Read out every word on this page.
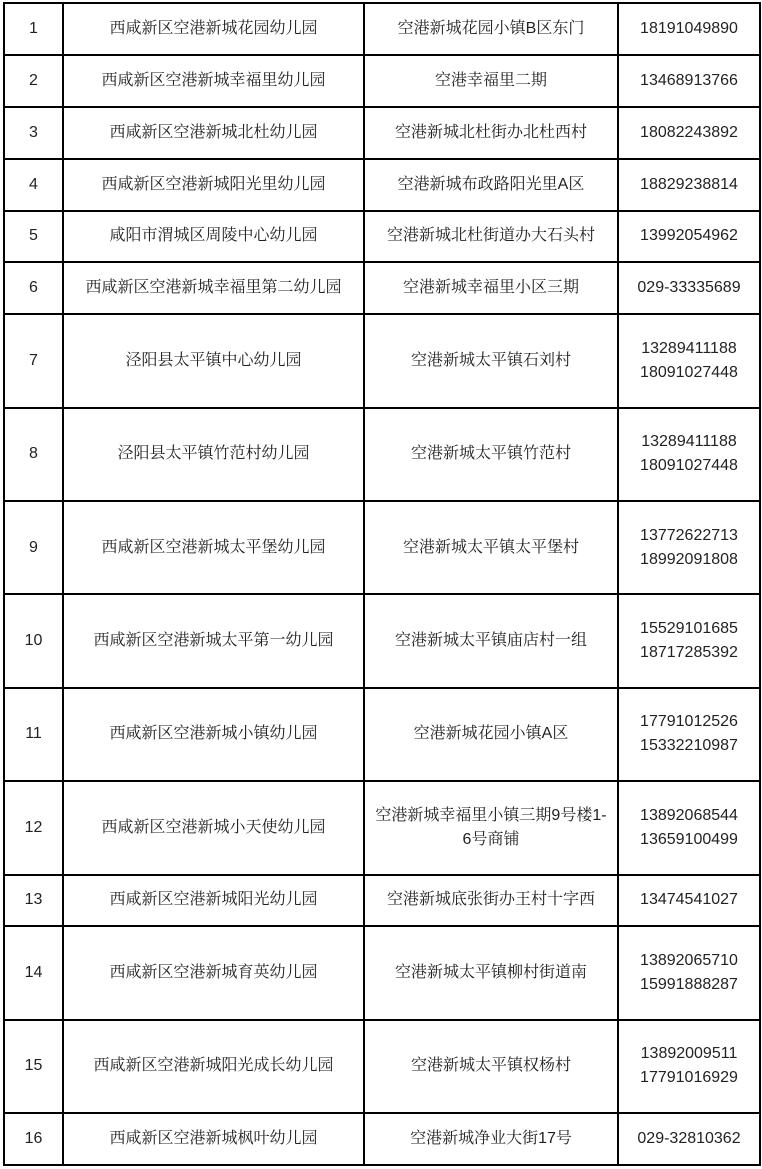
1	西咸新区空港新城花园幼儿园	空港新城花园小镇B区东门	18191049890

2	西咸新区空港新城幸福里幼儿园	空港幸福里二期	13468913766

3	西咸新区空港新城北杜幼儿园	空港新城北杜街办北杜西村	18082243892

4	西咸新区空港新城阳光里幼儿园	空港新城布政路阳光里A区	18829238814

5	咸阳市渭城区周陵中心幼儿园	空港新城北杜街道办大石头村	13992054962

6	西咸新区空港新城幸福里第二幼儿园	空港新城幸福里小区三期	029-33335689

7	泾阳县太平镇中心幼儿园	空港新城太平镇石刘村	13289411188
18091027448

8	泾阳县太平镇竹范村幼儿园	空港新城太平镇竹范村	13289411188
18091027448

9	西咸新区空港新城太平堡幼儿园	空港新城太平镇太平堡村	13772622713
18992091808

10	西咸新区空港新城太平第一幼儿园	空港新城太平镇庙店村一组	15529101685
18717285392

11	西咸新区空港新城小镇幼儿园	空港新城花园小镇A区	17791012526
15332210987

12	西咸新区空港新城小天使幼儿园	空港新城幸福里小镇三期9号楼1-6号商铺	13892068544
13659100499

13	西咸新区空港新城阳光幼儿园	空港新城底张街办王村十字西	13474541027

14	西咸新区空港新城育英幼儿园	空港新城太平镇柳村街道南	13892065710
15991888287

15	西咸新区空港新城阳光成长幼儿园	空港新城太平镇权杨村	13892009511
17791016929

16	西咸新区空港新城枫叶幼儿园	空港新城净业大街17号	029-32810362
